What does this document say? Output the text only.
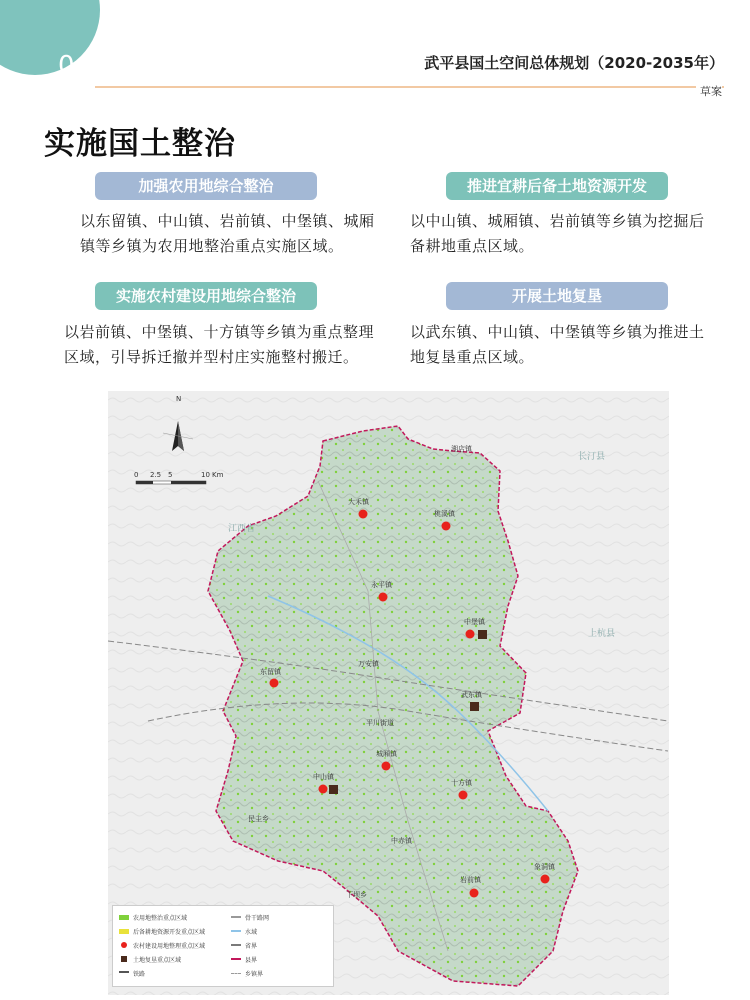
04	武平县国土空间总体规划（2020-2035年）
草案
实施国土整治
加强农用地综合整治
以东留镇、中山镇、岩前镇、中堡镇、城厢镇等乡镇为农用地整治重点实施区域。
推进宜耕后备土地资源开发
以中山镇、城厢镇、岩前镇等乡镇为挖掘后备耕地重点区域。
实施农村建设用地综合整治
以岩前镇、中堡镇、十方镇等乡镇为重点整理区域，引导拆迁撤并型村庄实施整村搬迁。
开展土地复垦
以武东镇、中山镇、中堡镇等乡镇为推进土地复垦重点区域。
N
0 2.5 5	10 Km
江西省
长汀县
上杭县
湘店镇
大禾镇
桃溪镇
永平镇
中堡镇
东留镇
万安镇
武东镇
平川街道
城厢镇
中山镇
十方镇
民主乡
中赤镇
下坝乡
岩前镇
象洞镇
农用地整治重点区域
后备耕地资源开发重点区域
农村建设用地整理重点区域
土地复垦重点区域
铁路
骨干路网
水域
省界
县界
乡镇界
